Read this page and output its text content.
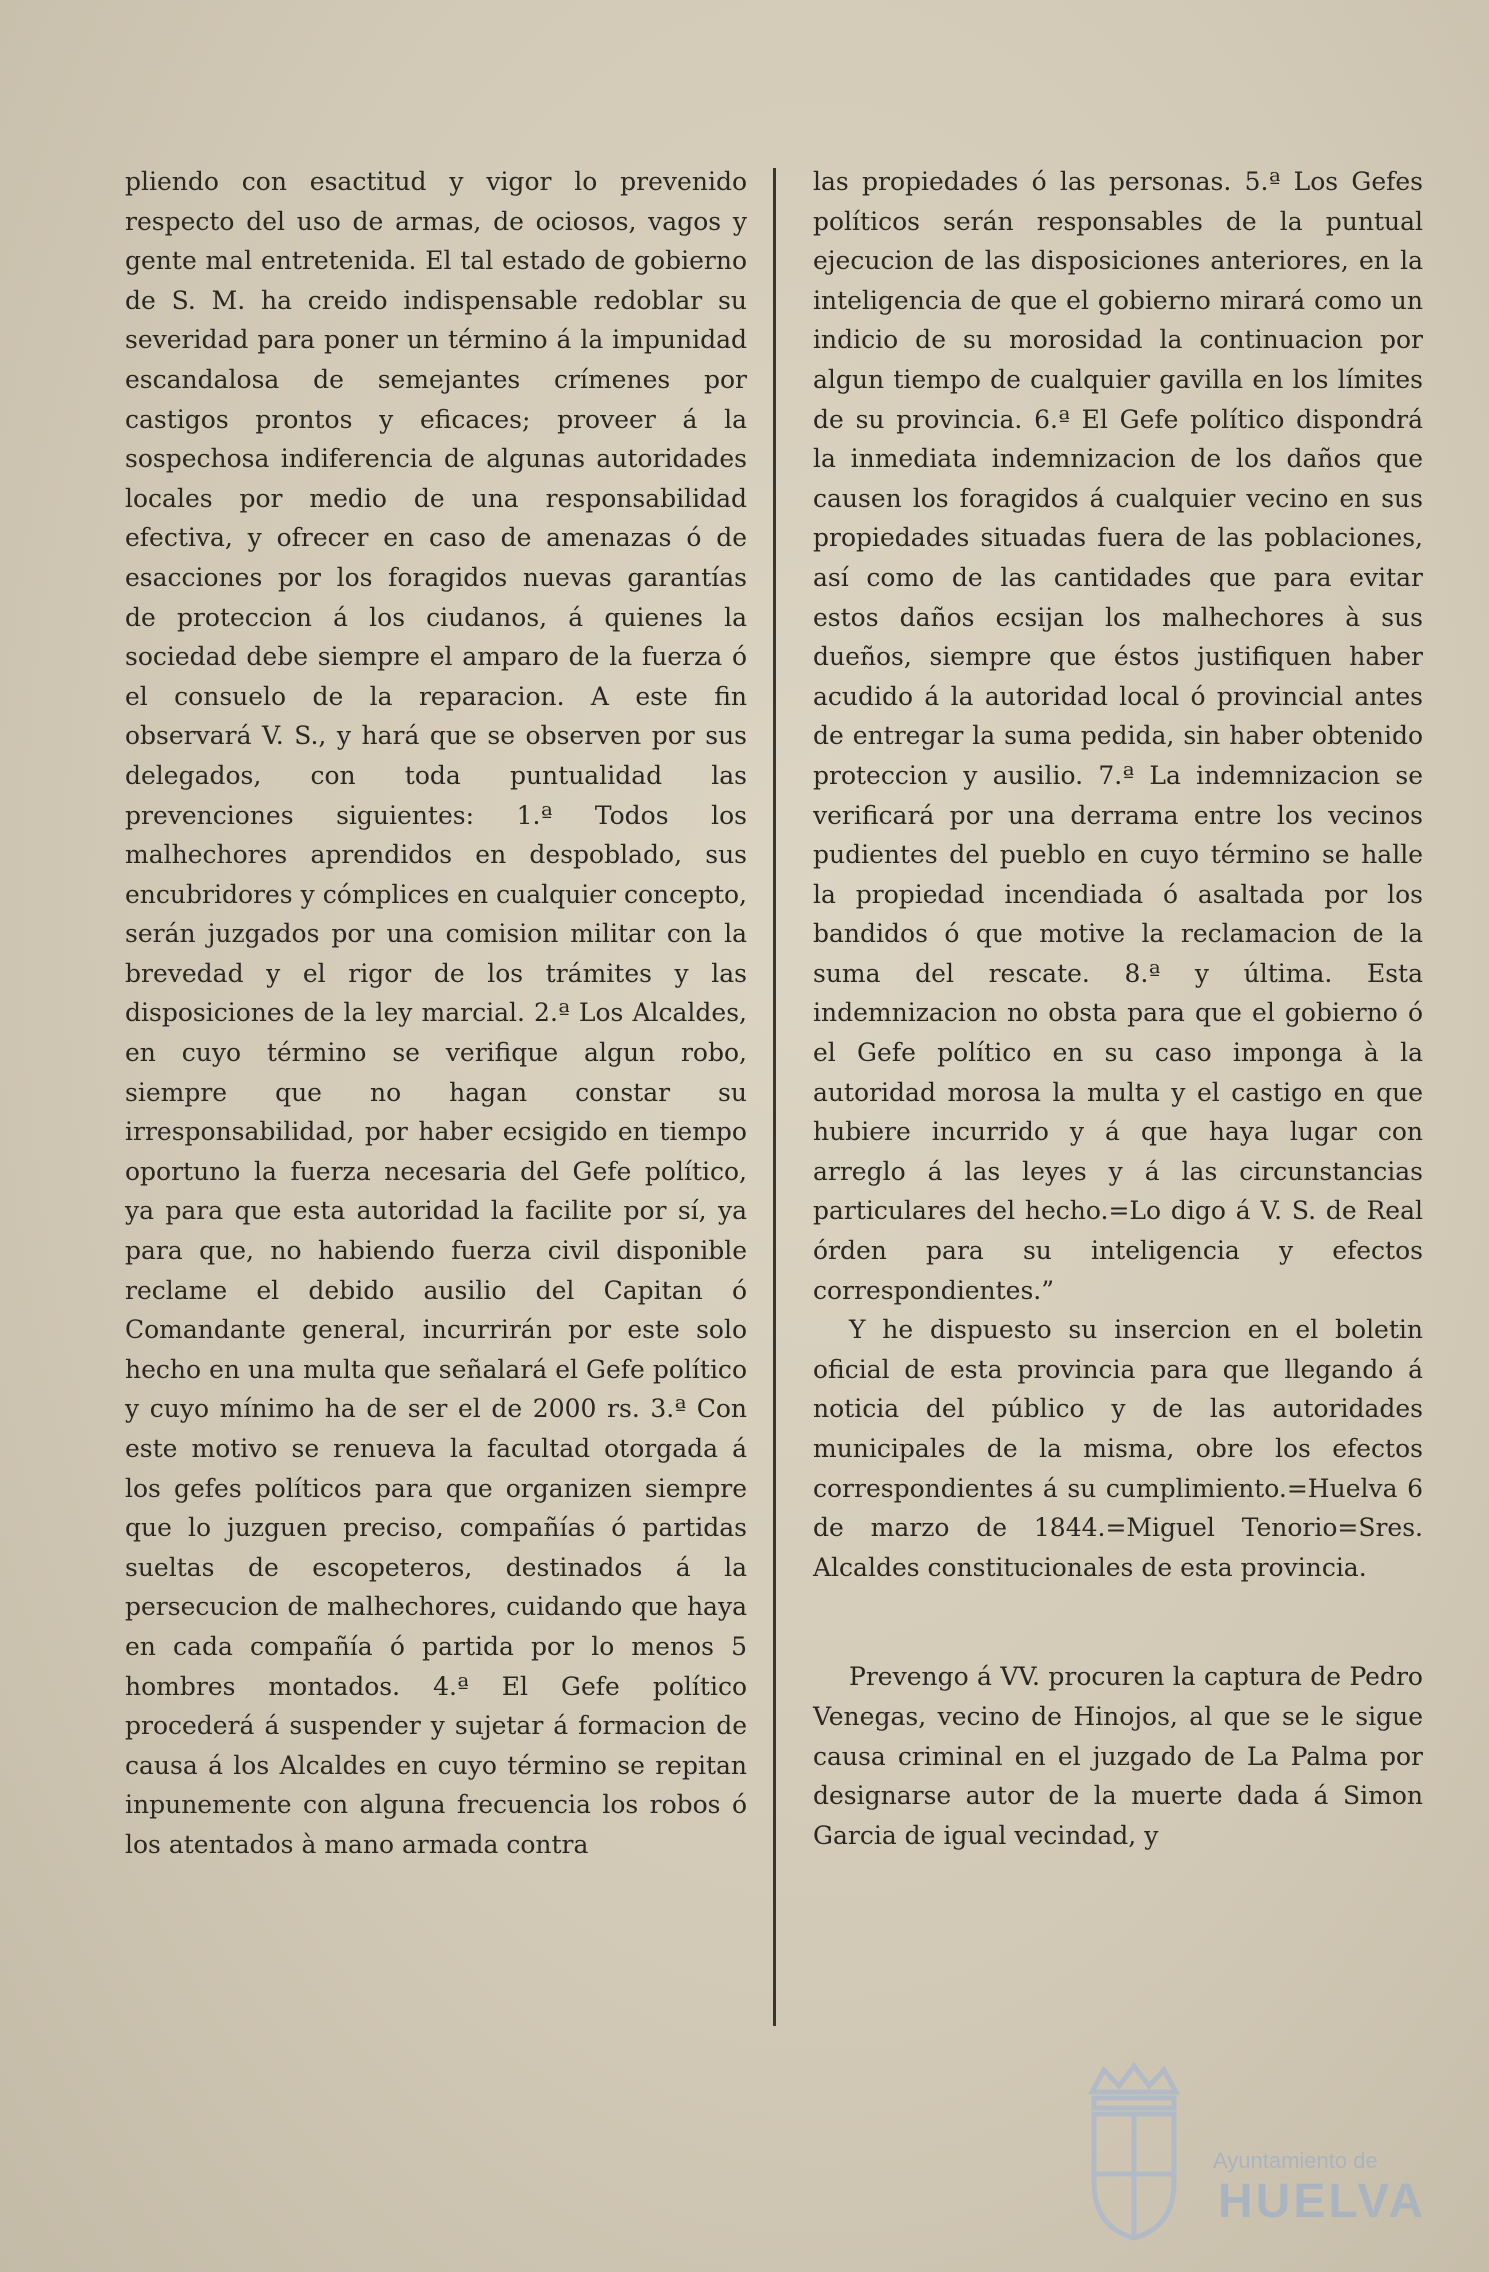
pliendo con esactitud y vigor lo prevenido respecto del uso de armas, de ociosos, vagos y gente mal entretenida. El tal estado de gobierno de S. M. ha creido indispensable redoblar su severidad para poner un término á la impunidad escandalosa de semejantes crímenes por castigos prontos y eficaces; proveer á la sospechosa indiferencia de algunas autoridades locales por medio de una responsabilidad efectiva, y ofrecer en caso de amenazas ó de esacciones por los foragidos nuevas garantías de proteccion á los ciudanos, á quienes la sociedad debe siempre el amparo de la fuerza ó el consuelo de la reparacion. A este fin observará V. S., y hará que se observen por sus delegados, con toda puntualidad las prevenciones siguientes: 1.ª Todos los malhechores aprendidos en despoblado, sus encubridores y cómplices en cualquier concepto, serán juzgados por una comision militar con la brevedad y el rigor de los trámites y las disposiciones de la ley marcial. 2.ª Los Alcaldes, en cuyo término se verifique algun robo, siempre que no hagan constar su irresponsabilidad, por haber ecsigido en tiempo oportuno la fuerza necesaria del Gefe político, ya para que esta autoridad la facilite por sí, ya para que, no habiendo fuerza civil disponible reclame el debido ausilio del Capitan ó Comandante general, incurrirán por este solo hecho en una multa que señalará el Gefe político y cuyo mínimo ha de ser el de 2000 rs. 3.ª Con este motivo se renueva la facultad otorgada á los gefes políticos para que organizen siempre que lo juzguen preciso, compañías ó partidas sueltas de escopeteros, destinados á la persecucion de malhechores, cuidando que haya en cada compañía ó partida por lo menos 5 hombres montados. 4.ª El Gefe político procederá á suspender y sujetar á formacion de causa á los Alcaldes en cuyo término se repitan inpunemente con alguna frecuencia los robos ó los atentados à mano armada contra

las propiedades ó las personas. 5.ª Los Gefes políticos serán responsables de la puntual ejecucion de las disposiciones anteriores, en la inteligencia de que el gobierno mirará como un indicio de su morosidad la continuacion por algun tiempo de cualquier gavilla en los límites de su provincia. 6.ª El Gefe político dispondrá la inmediata indemnizacion de los daños que causen los foragidos á cualquier vecino en sus propiedades situadas fuera de las poblaciones, así como de las cantidades que para evitar estos daños ecsijan los malhechores à sus dueños, siempre que éstos justifiquen haber acudido á la autoridad local ó provincial antes de entregar la suma pedida, sin haber obtenido proteccion y ausilio. 7.ª La indemnizacion se verificará por una derrama entre los vecinos pudientes del pueblo en cuyo término se halle la propiedad incendiada ó asaltada por los bandidos ó que motive la reclamacion de la suma del rescate. 8.ª y última. Esta indemnizacion no obsta para que el gobierno ó el Gefe político en su caso imponga à la autoridad morosa la multa y el castigo en que hubiere incurrido y á que haya lugar con arreglo á las leyes y á las circunstancias particulares del hecho.=Lo digo á V. S. de Real órden para su inteligencia y efectos correspondientes.”

Y he dispuesto su insercion en el boletin oficial de esta provincia para que llegando á noticia del público y de las autoridades municipales de la misma, obre los efectos correspondientes á su cumplimiento.=Huelva 6 de marzo de 1844.=Miguel Tenorio=Sres. Alcaldes constitucionales de esta provincia.

Prevengo á VV. procuren la captura de Pedro Venegas, vecino de Hinojos, al que se le sigue causa criminal en el juzgado de La Palma por designarse autor de la muerte dada á Simon Garcia de igual vecindad, y

Ayuntamiento de
HUELVA
